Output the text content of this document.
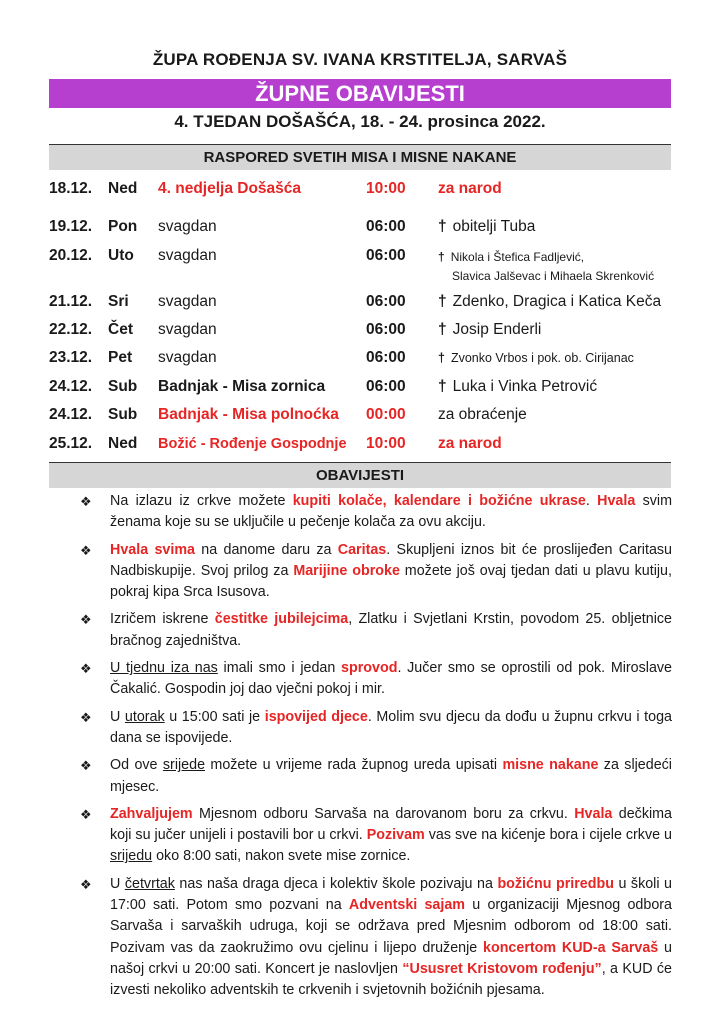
ŽUPA ROĐENJA SV. IVANA KRSTITELJA, SARVAŠ
ŽUPNE OBAVIJESTI
4. TJEDAN DOŠAŠĆA, 18. - 24. prosinca 2022.
RASPORED SVETIH MISA I MISNE NAKANE
18.12. Ned 4. nedjelja Došašća	10:00 za narod
19.12. Pon svagdan	06:00 † obitelji Tuba
20.12. Uto svagdan	06:00	† Nikola i Štefica Fadljević,
Slavica Jalševac i Mihaela Skrenković
21.12. Sri svagdan	06:00 † Zdenko, Dragica i Katica Keča
22.12. Čet svagdan	06:00 † Josip Enderli
23.12. Pet svagdan	06:00	† Zvonko Vrbos i pok. ob. Cirijanac
24.12. Sub Badnjak - Misa zornica	06:00 † Luka i Vinka Petrović
24.12. Sub Badnjak - Misa polnoćka 00:00 za obraćenje
25.12. Ned Božić - Rođenje Gospodnje 10:00 za narod
OBAVIJESTI
❖ Na izlazu iz crkve možete kupiti kolače, kalendare i božićne ukrase. Hvala svim ženama koje su se uključile u pečenje kolača za ovu akciju.
❖ Hvala svima na danome daru za Caritas. Skupljeni iznos bit će proslijeđen Caritasu Nadbiskupije. Svoj prilog za Marijine obroke možete još ovaj tjedan dati u plavu kutiju, pokraj kipa Srca Isusova.
❖ Izričem iskrene čestitke jubilejcima, Zlatku i Svjetlani Krstin, povodom 25. obljetnice bračnog zajedništva.
❖ U tjednu iza nas imali smo i jedan sprovod. Jučer smo se oprostili od pok. Miroslave Čakalić. Gospodin joj dao vječni pokoj i mir.
❖ U utorak u 15:00 sati je ispovijed djece. Molim svu djecu da dođu u župnu crkvu i toga dana se ispovijede.
❖ Od ove srijede možete u vrijeme rada župnog ureda upisati misne nakane za sljedeći mjesec.
❖ Zahvaljujem Mjesnom odboru Sarvaša na darovanom boru za crkvu. Hvala dečkima koji su jučer unijeli i postavili bor u crkvi. Pozivam vas sve na kićenje bora i cijele crkve u srijedu oko 8:00 sati, nakon svete mise zornice.
❖ U četvrtak nas naša draga djeca i kolektiv škole pozivaju na božićnu priredbu u školi u 17:00 sati. Potom smo pozvani na Adventski sajam u organizaciji Mjesnog odbora Sarvaša i sarvaških udruga, koji se održava pred Mjesnim odborom od 18:00 sati. Pozivam vas da zaokružimo ovu cjelinu i lijepo druženje koncertom KUD-a Sarvaš u našoj crkvi u 20:00 sati. Koncert je naslovljen “Ususret Kristovom rođenju”, a KUD će izvesti nekoliko adventskih te crkvenih i svjetovnih božićnih pjesama.
